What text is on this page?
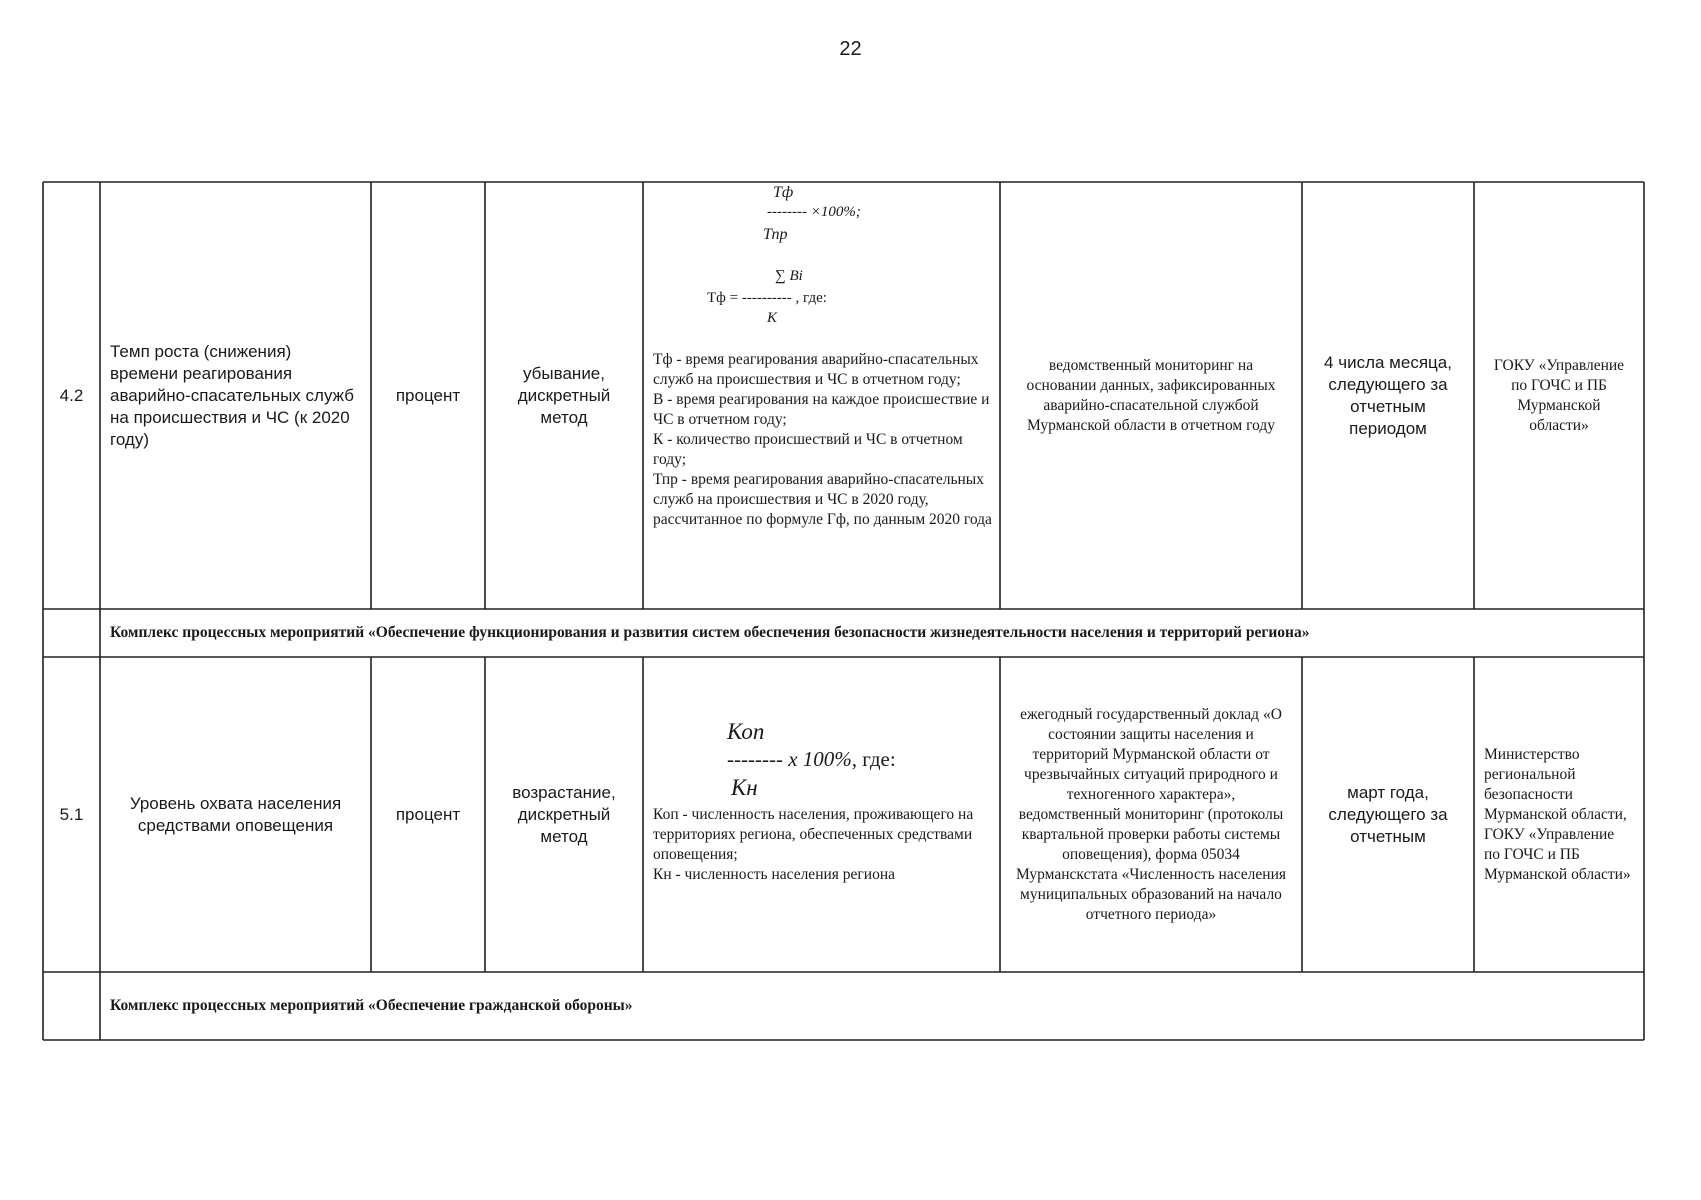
22
4.2
Темп роста (снижения) времени реагирования аварийно-спасательных служб на происшествия и ЧС (к 2020 году)
процент
убывание, дискретный метод
Тф
-------- ×100%;
Тпр
∑ Bi
Тф = ---------- , где:
К
Тф - время реагирования аварийно-спасательных служб на происшествия и ЧС в отчетном году;
В - время реагирования на каждое происшествие и ЧС в отчетном году;
К - количество происшествий и ЧС в отчетном году;
Тпр - время реагирования аварийно-спасательных служб на происшествия и ЧС в 2020 году, рассчитанное по формуле Гф, по данным 2020 года
ведомственный мониторинг на основании данных, зафиксированных аварийно-спасательной службой Мурманской области в отчетном году
4 числа месяца, следующего за отчетным периодом
ГОКУ «Управление по ГОЧС и ПБ Мурманской области»
Комплекс процессных мероприятий «Обеспечение функционирования и развития систем обеспечения безопасности жизнедеятельности населения и территорий региона»
5.1
Уровень охвата населения средствами оповещения
процент
возрастание, дискретный метод
Коп
-------- х 100%, где:
Кн
Коп - численность населения, проживающего на территориях региона, обеспеченных средствами оповещения;
Кн - численность населения региона
ежегодный государственный доклад «О состоянии защиты населения и территорий Мурманской области от чрезвычайных ситуаций природного и техногенного характера», ведомственный мониторинг (протоколы квартальной проверки работы системы оповещения), форма 05034 Мурманскстата «Численность населения муниципальных образований на начало отчетного периода»
март года, следующего за отчетным
Министерство региональной безопасности Мурманской области, ГОКУ «Управление по ГОЧС и ПБ Мурманской области»
Комплекс процессных мероприятий «Обеспечение гражданской обороны»
